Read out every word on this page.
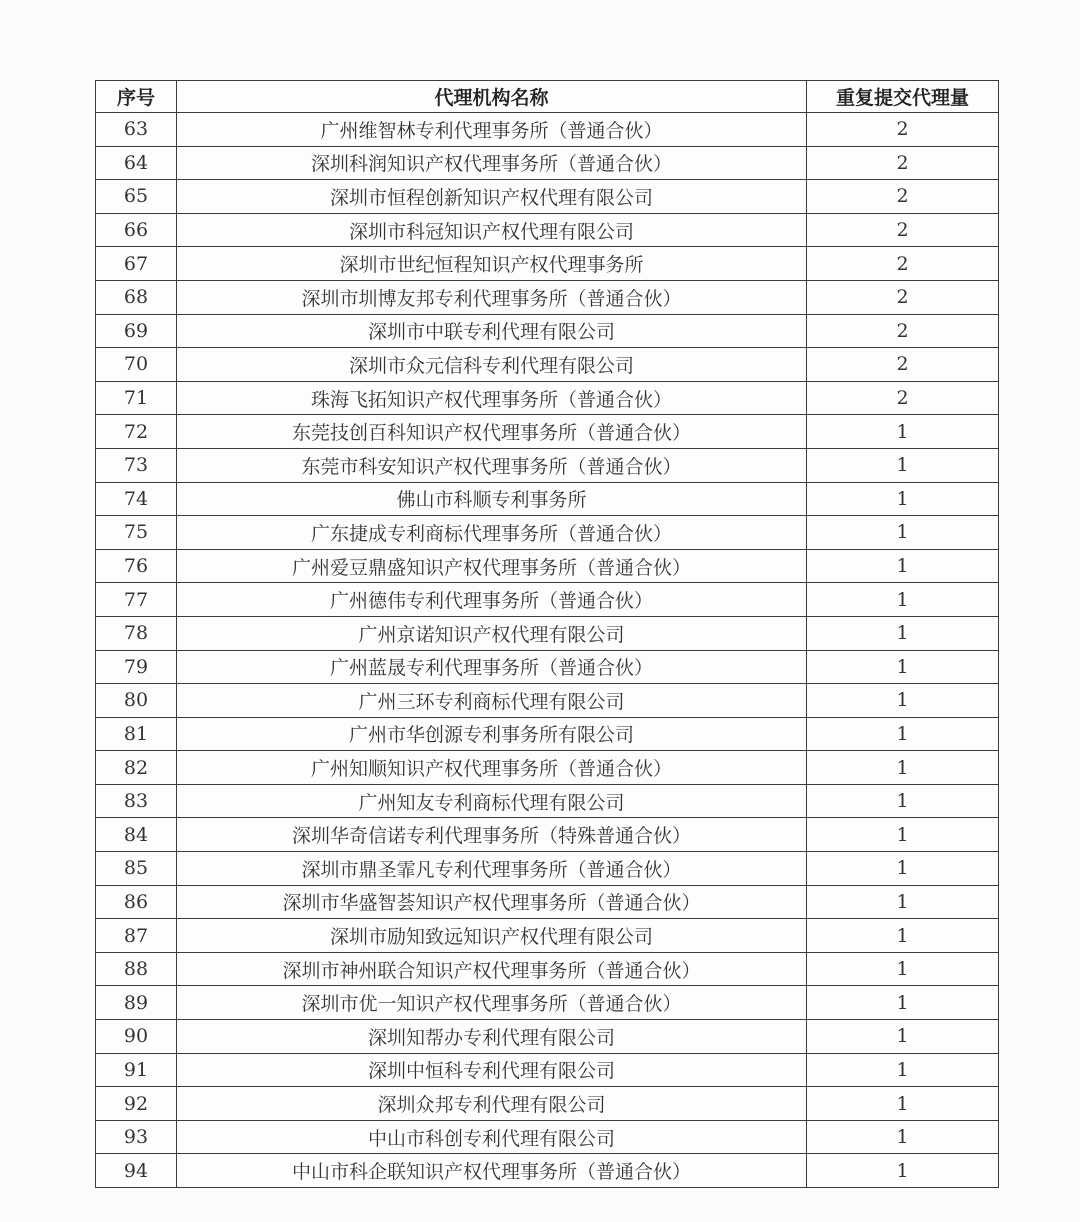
序号	代理机构名称	重复提交代理量
63	广州维智林专利代理事务所（普通合伙）	2
64	深圳科润知识产权代理事务所（普通合伙）	2
65	深圳市恒程创新知识产权代理有限公司	2
66	深圳市科冠知识产权代理有限公司	2
67	深圳市世纪恒程知识产权代理事务所	2
68	深圳市圳博友邦专利代理事务所（普通合伙）	2
69	深圳市中联专利代理有限公司	2
70	深圳市众元信科专利代理有限公司	2
71	珠海飞拓知识产权代理事务所（普通合伙）	2
72	东莞技创百科知识产权代理事务所（普通合伙）	1
73	东莞市科安知识产权代理事务所（普通合伙）	1
74	佛山市科顺专利事务所	1
75	广东捷成专利商标代理事务所（普通合伙）	1
76	广州爱豆鼎盛知识产权代理事务所（普通合伙）	1
77	广州德伟专利代理事务所（普通合伙）	1
78	广州京诺知识产权代理有限公司	1
79	广州蓝晟专利代理事务所（普通合伙）	1
80	广州三环专利商标代理有限公司	1
81	广州市华创源专利事务所有限公司	1
82	广州知顺知识产权代理事务所（普通合伙）	1
83	广州知友专利商标代理有限公司	1
84	深圳华奇信诺专利代理事务所（特殊普通合伙）	1
85	深圳市鼎圣霏凡专利代理事务所（普通合伙）	1
86	深圳市华盛智荟知识产权代理事务所（普通合伙）	1
87	深圳市励知致远知识产权代理有限公司	1
88	深圳市神州联合知识产权代理事务所（普通合伙）	1
89	深圳市优一知识产权代理事务所（普通合伙）	1
90	深圳知帮办专利代理有限公司	1
91	深圳中恒科专利代理有限公司	1
92	深圳众邦专利代理有限公司	1
93	中山市科创专利代理有限公司	1
94	中山市科企联知识产权代理事务所（普通合伙）	1
